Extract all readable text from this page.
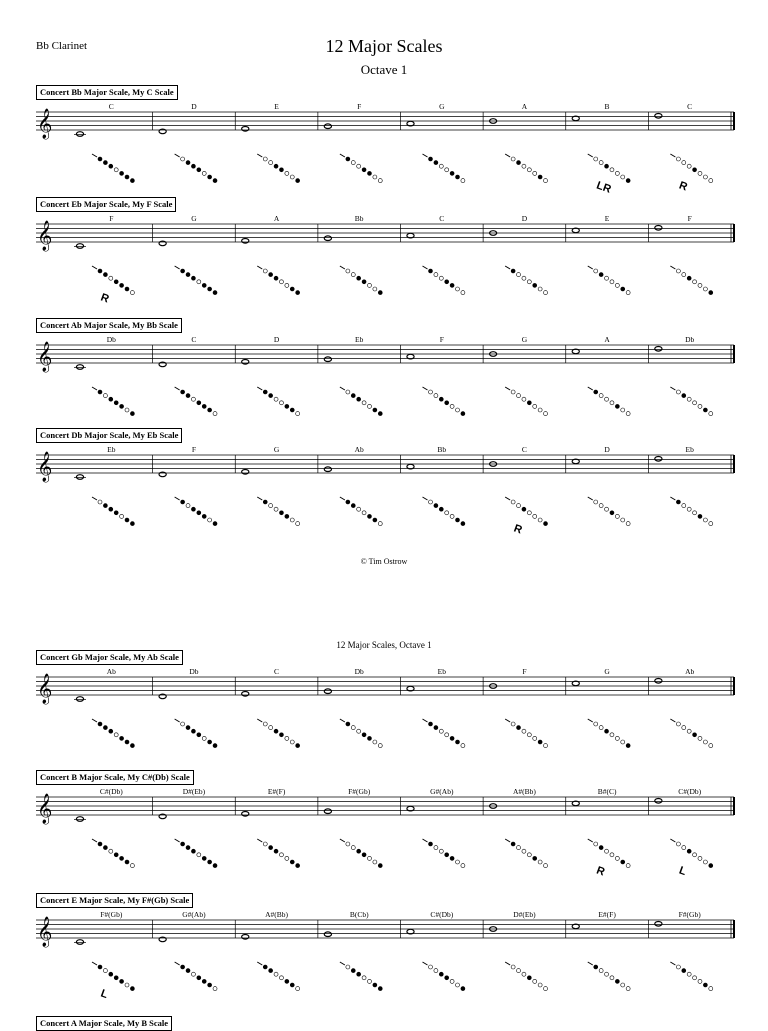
Bb Clarinet	12 Major Scales
Octave 1
© Tim Ostrow
12 Major Scales, Octave 1
𝄞
C	D	E	F	G	A	B
LR
C
R
𝄞
F
R
G	A	Bb	C	D	E	F
𝄞
Db	C	D	Eb	F	G	A	Db
𝄞
Eb	F	G	Ab	Bb	C
R
D	Eb
𝄞
Ab	Db	C	Db	Eb	F	G	Ab
𝄞
C#(Db)	D#(Eb)	E#(F)	F#(Gb)	G#(Ab)	A#(Bb)	B#(C)
R
C#(Db)
L
𝄞
F#(Gb)
L
G#(Ab)	A#(Bb)	B(Cb)	C#(Db)	D#(Eb)	E#(F)	F#(Gb)
Concert Bb Major Scale, My C Scale
Concert Eb Major Scale, My F Scale
Concert Ab Major Scale, My Bb Scale
Concert Db Major Scale, My Eb Scale
Concert Gb Major Scale, My Ab Scale
Concert B Major Scale, My C#(Db) Scale
Concert E Major Scale, My F#(Gb) Scale
Concert A Major Scale, My B Scale
